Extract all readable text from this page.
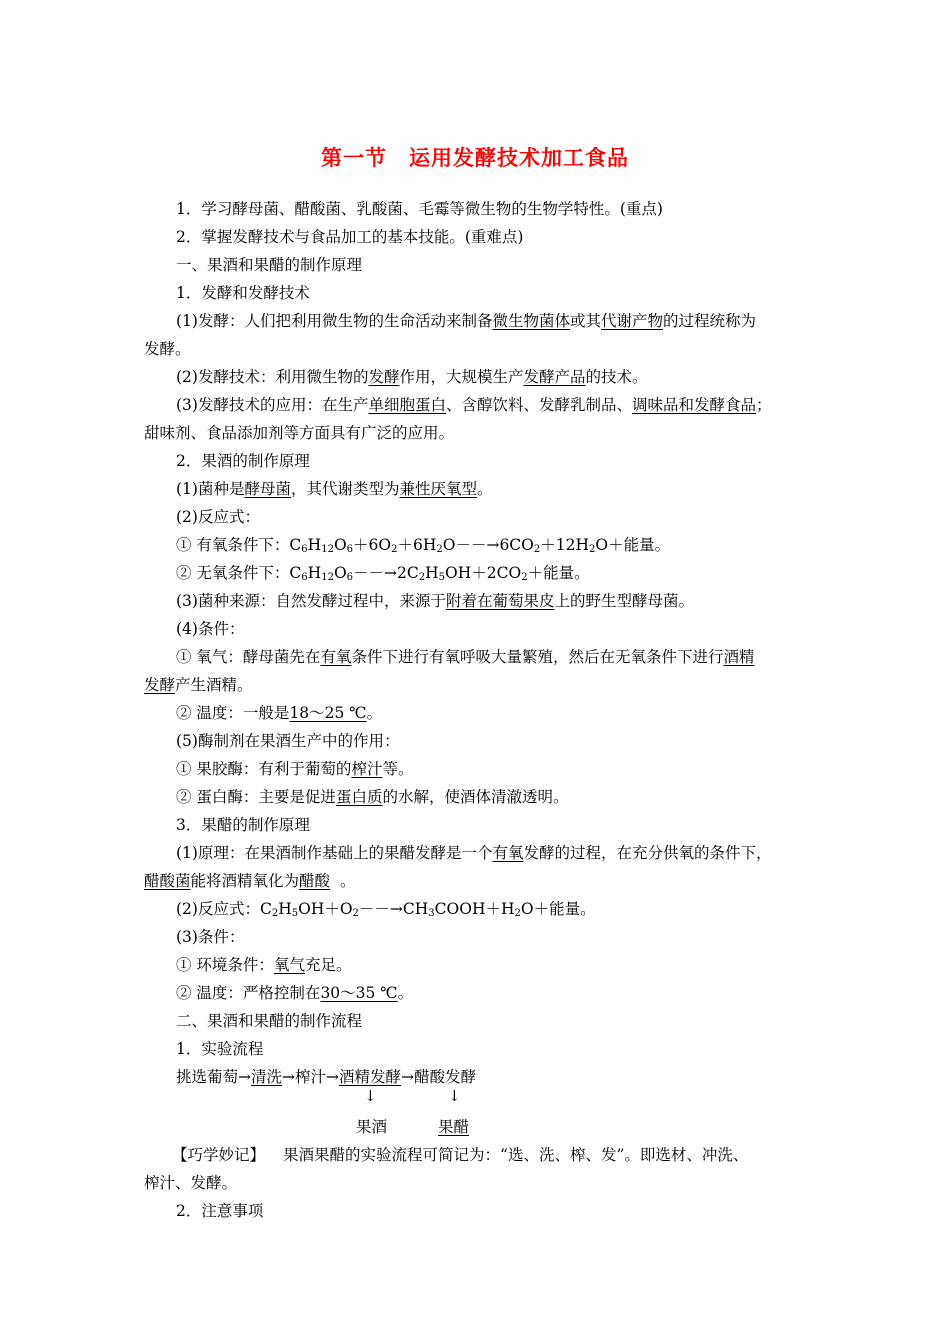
第一节　运用发酵技术加工食品
1．学习酵母菌、醋酸菌、乳酸菌、毛霉等微生物的生物学特性。(重点)
2．掌握发酵技术与食品加工的基本技能。(重难点)
一、果酒和果醋的制作原理
1．发酵和发酵技术
(1)发酵：人们把利用微生物的生命活动来制备微生物菌体或其代谢产物的过程统称为
发酵。
(2)发酵技术：利用微生物的发酵作用，大规模生产发酵产品的技术。
(3)发酵技术的应用：在生产单细胞蛋白、含醇饮料、发酵乳制品、调味品和发酵食品；
甜味剂、食品添加剂等方面具有广泛的应用。
2．果酒的制作原理
(1)菌种是酵母菌，其代谢类型为兼性厌氧型。
(2)反应式：
① 有氧条件下：$C_6H_{12}O_6+6O_2+6H_2O--\to 6CO_2+12H_2O+$能量。
② 无氧条件下：$C_6H_{12}O_6--\to 2C_2H_5OH+2CO_2+$能量。
(3)菌种来源：自然发酵过程中，来源于附着在葡萄果皮上的野生型酵母菌。
(4)条件：
① 氧气：酵母菌先在有氧条件下进行有氧呼吸大量繁殖，然后在无氧条件下进行酒精
发酵产生酒精。
② 温度：一般是18～25 ℃。
(5)酶制剂在果酒生产中的作用：
① 果胶酶：有利于葡萄的榨汁等。
② 蛋白酶：主要是促进蛋白质的水解，使酒体清澈透明。
3．果醋的制作原理
(1)原理：在果酒制作基础上的果醋发酵是一个有氧发酵的过程，在充分供氧的条件下，
醋酸菌能将酒精氧化为醋酸 。
(2)反应式：$C_2H_5OH+O_2--\to CH_3COOH+H_2O+$能量。
(3)条件：
① 环境条件：氧气充足。
② 温度：严格控制在30～35 ℃。
二、果酒和果醋的制作流程
1．实验流程
挑选葡萄→清洗→榨汁→酒精发酵→醋酸发酵
↓	↓
果酒	果醋
【巧学妙记】 果酒果醋的实验流程可简记为：“选、洗、榨、发”。即选材、冲洗、
榨汁、发酵。
2．注意事项
